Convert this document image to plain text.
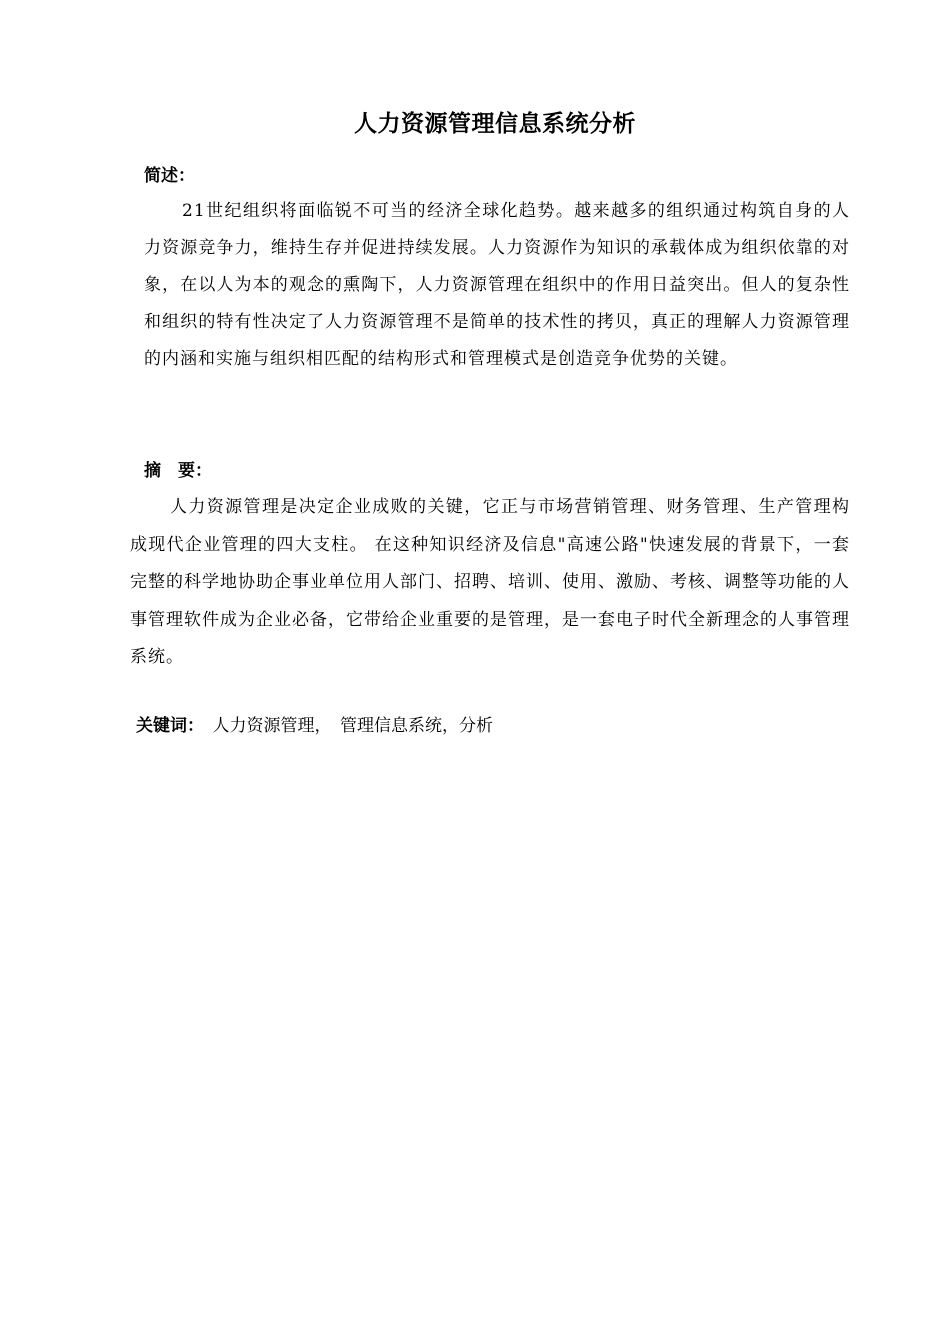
人力资源管理信息系统分析
简述：
21世纪组织将面临锐不可当的经济全球化趋势。越来越多的组织通过构筑自身的人力资源竞争力，维持生存并促进持续发展。人力资源作为知识的承载体成为组织依靠的对象，在以人为本的观念的熏陶下，人力资源管理在组织中的作用日益突出。但人的复杂性和组织的特有性决定了人力资源管理不是简单的技术性的拷贝，真正的理解人力资源管理的内涵和实施与组织相匹配的结构形式和管理模式是创造竞争优势的关键。
摘　要：
人力资源管理是决定企业成败的关键，它正与市场营销管理、财务管理、生产管理构成现代企业管理的四大支柱。 在这种知识经济及信息"高速公路"快速发展的背景下，一套完整的科学地协助企事业单位用人部门、招聘、培训、使用、激励、考核、调整等功能的人事管理软件成为企业必备，它带给企业重要的是管理，是一套电子时代全新理念的人事管理系统。
关键词：　人力资源管理，　管理信息系统，分析
